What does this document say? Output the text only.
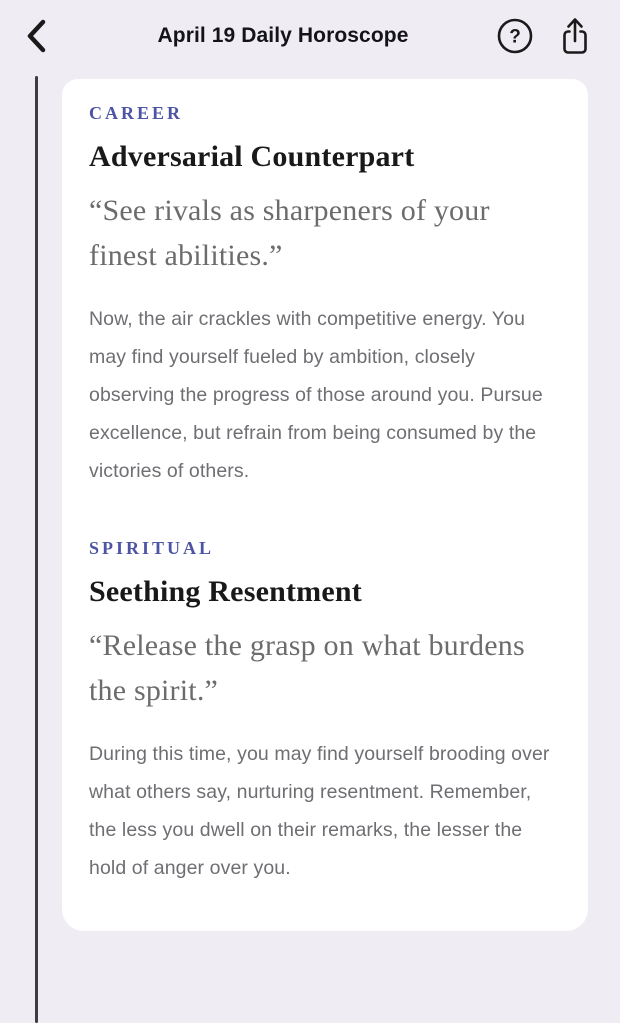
April 19 Daily Horoscope	?
CAREER
Adversarial Counterpart
“See rivals as sharpeners of your finest abilities.”
Now, the air crackles with competitive energy. You may find yourself fueled by ambition, closely observing the progress of those around you. Pursue excellence, but refrain from being consumed by the victories of others.
SPIRITUAL
Seething Resentment
“Release the grasp on what burdens the spirit.”
During this time, you may find yourself brooding over what others say, nurturing resentment. Remember, the less you dwell on their remarks, the lesser the hold of anger over you.
